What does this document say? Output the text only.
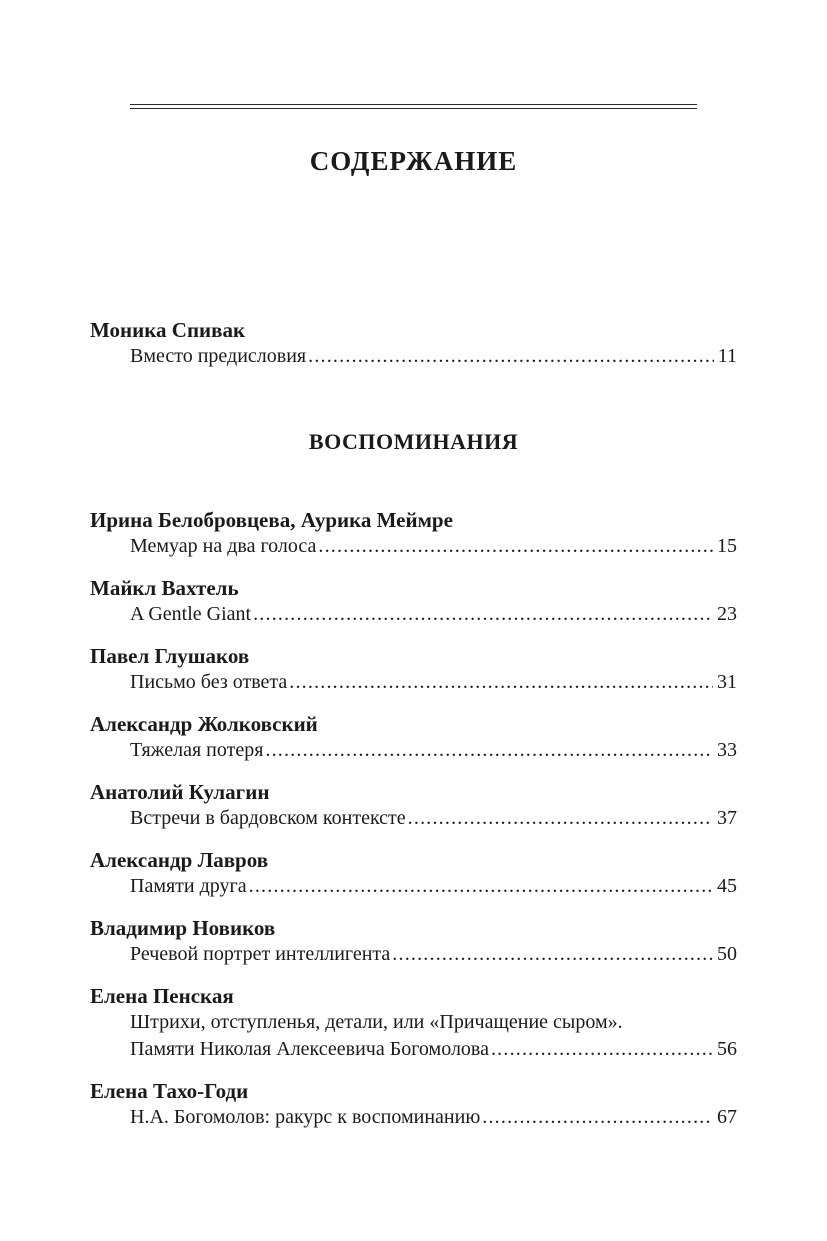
СОДЕРЖАНИЕ
Моника Спивак
Вместо предисловия .....	11
ВОСПОМИНАНИЯ
Ирина Белобровцева, Аурика Меймре
Мемуар на два голоса .....	15
Майкл Вахтель
A Gentle Giant .....	23
Павел Глушаков
Письмо без ответа .....	31
Александр Жолковский
Тяжелая потеря .....	33
Анатолий Кулагин
Встречи в бардовском контексте .....	37
Александр Лавров
Памяти друга .....	45
Владимир Новиков
Речевой портрет интеллигента .....	50
Елена Пенская
Штрихи, отступленья, детали, или «Причащение сыром».
Памяти Николая Алексеевича Богомолова .....	56
Елена Тахо-Годи
Н.А. Богомолов: ракурс к воспоминанию .....	67
